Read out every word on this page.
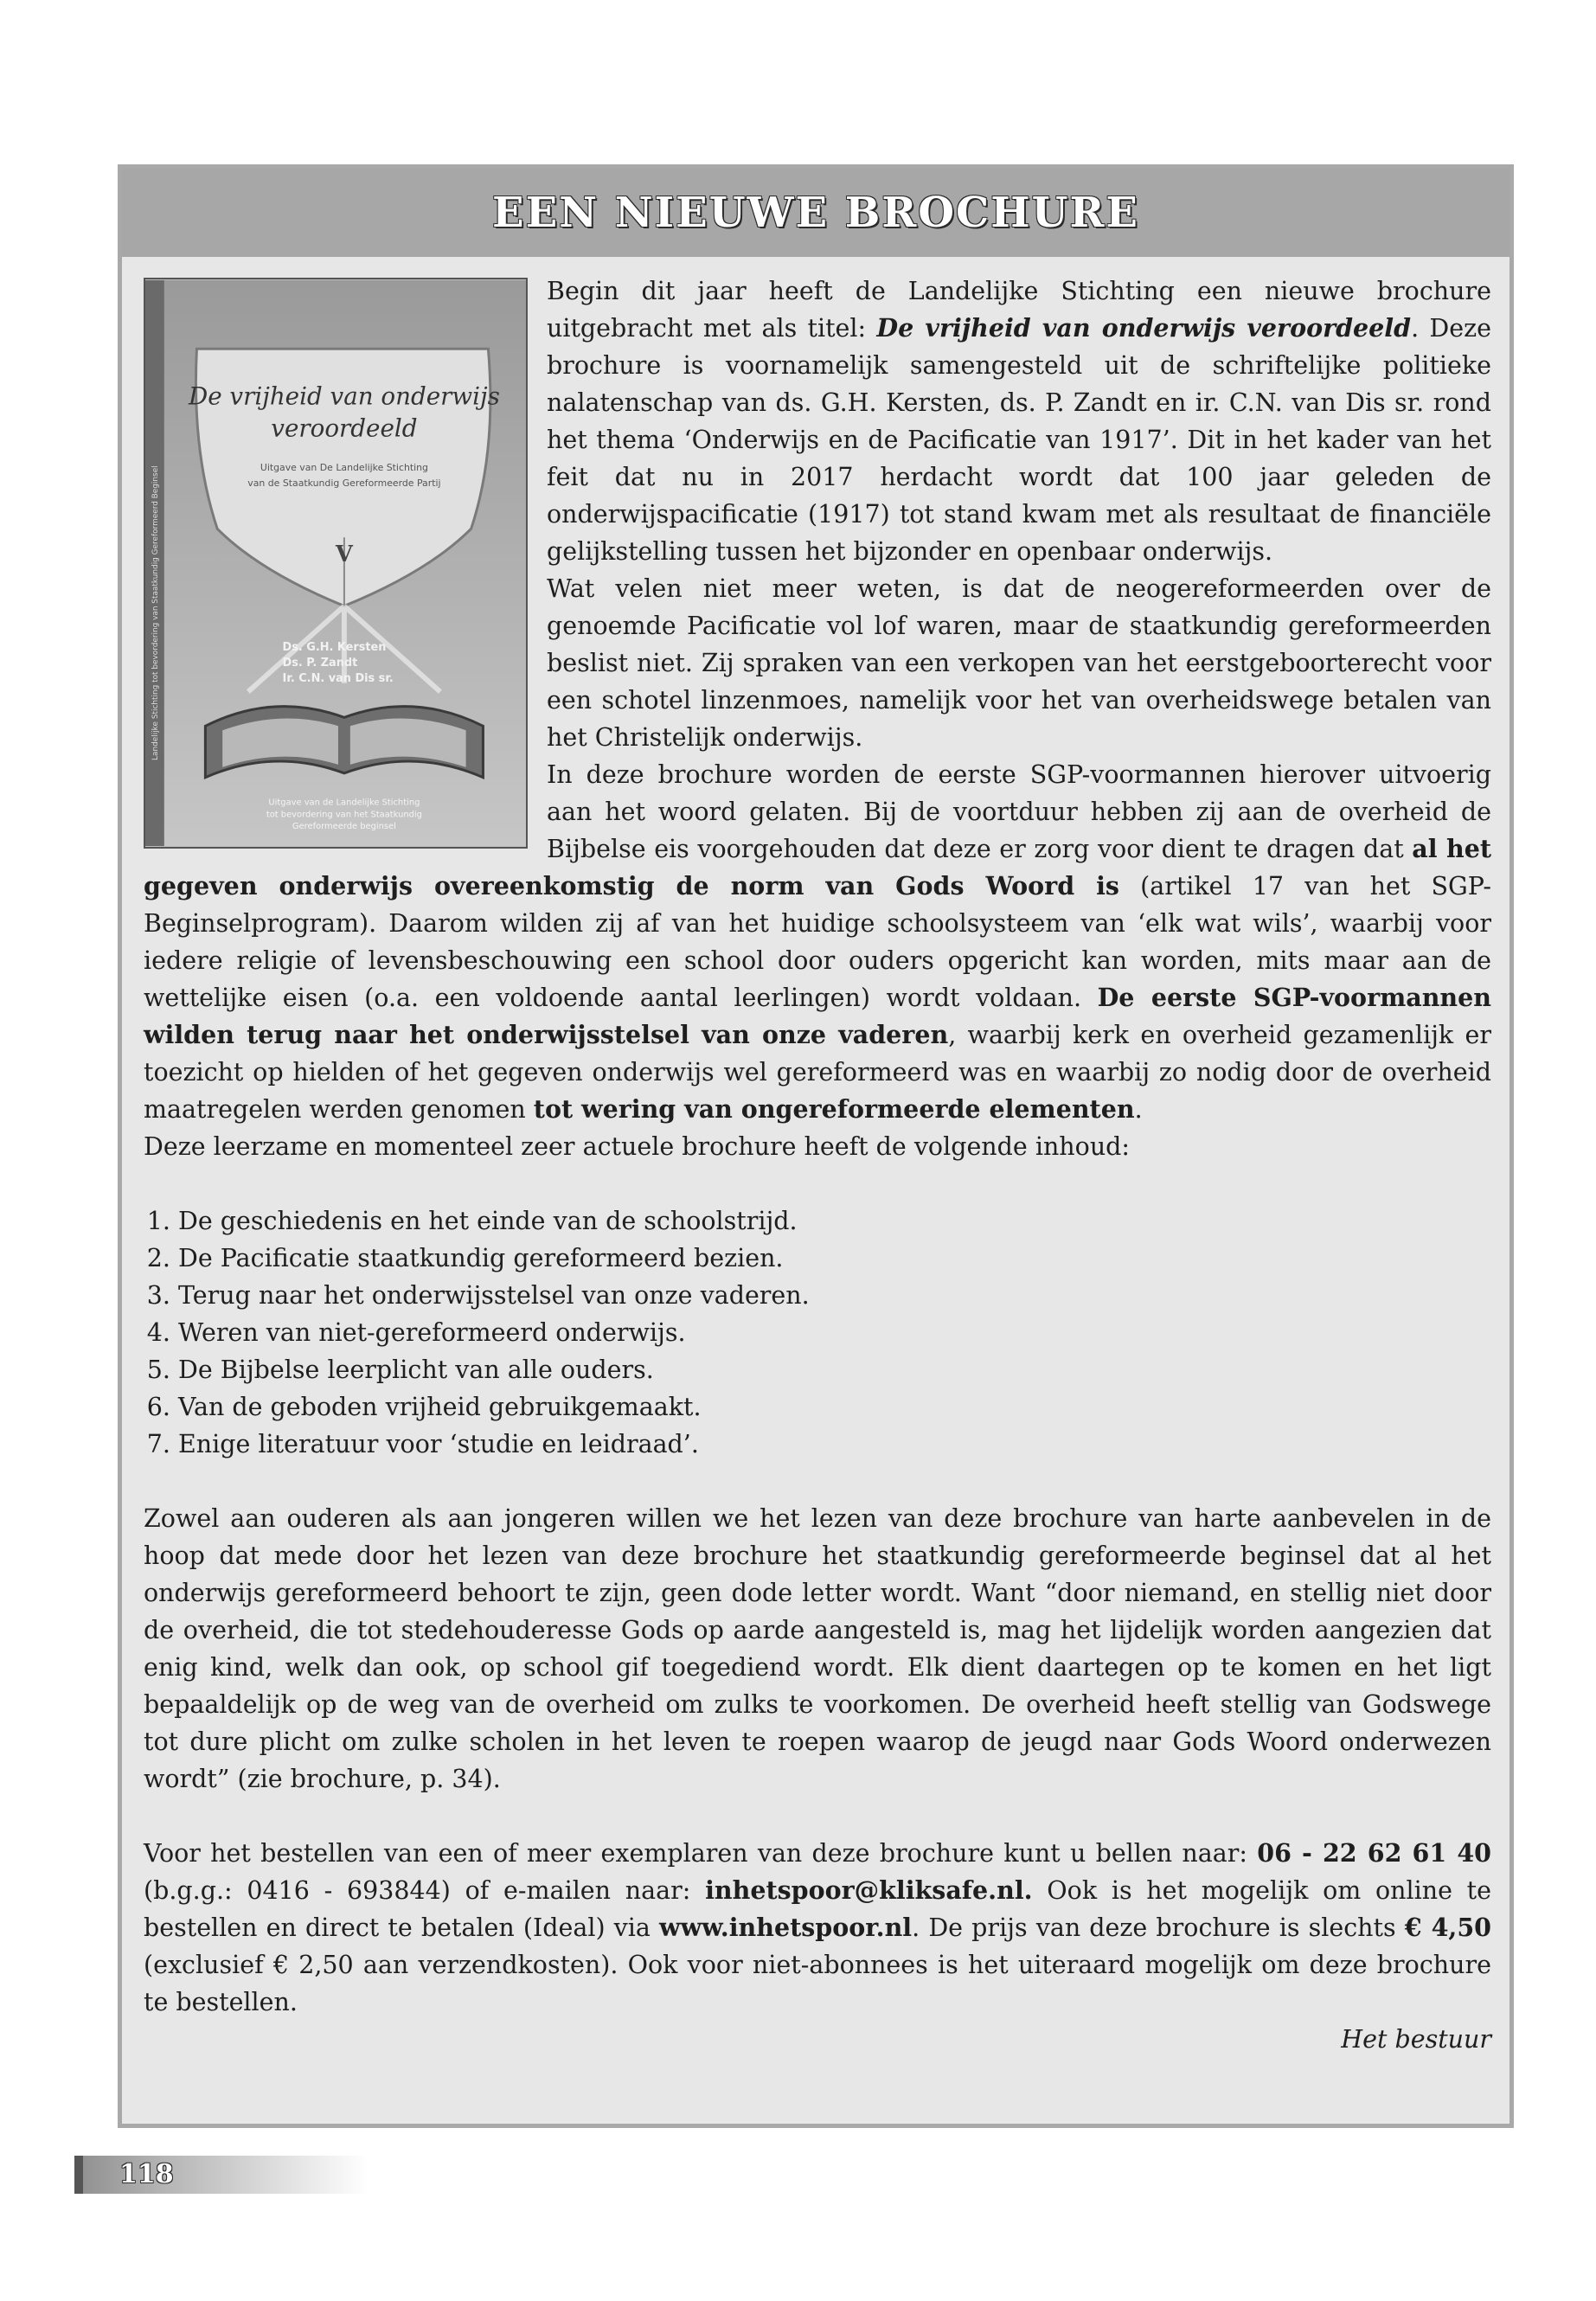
EEN NIEUWE BROCHURE
Landelijke Stichting tot bevordering van Staatkundig Gereformeerd Beginsel
De vrijheid van onderwijs
veroordeeld
Uitgave van De Landelijke Stichting
van de Staatkundig Gereformeerde Partij
V
Ds. G.H. Kersten
Ds. P. Zandt
Ir. C.N. van Dis sr.
Uitgave van de Landelijke Stichting
tot bevordering van het Staatkundig
Gereformeerde beginsel

Begin dit jaar heeft de Landelijke Stichting een nieuwe brochure uitgebracht met als titel: De vrijheid van onderwijs veroordeeld. Deze brochure is voornamelijk samengesteld uit de schriftelijke politieke nalatenschap van ds. G.H. Kersten, ds. P. Zandt en ir. C.N. van Dis sr. rond het thema ‘Onderwijs en de Pacificatie van 1917’. Dit in het kader van het feit dat nu in 2017 herdacht wordt dat 100 jaar geleden de onderwijspacificatie (1917) tot stand kwam met als resultaat de financiële gelijkstelling tussen het bijzonder en openbaar onderwijs.

Wat velen niet meer weten, is dat de neogereformeerden over de genoemde Pacificatie vol lof waren, maar de staatkundig gereformeerden beslist niet. Zij spraken van een verkopen van het eerstgeboorterecht voor een schotel linzenmoes, namelijk voor het van overheidswege betalen van het Christelijk onderwijs.

In deze brochure worden de eerste SGP-voormannen hierover uitvoerig aan het woord gelaten. Bij de voortduur hebben zij aan de overheid de Bijbelse eis voorgehouden dat deze er zorg voor dient te dragen dat al het gegeven onderwijs overeenkomstig de norm van Gods Woord is (artikel 17 van het SGP-Beginselprogram). Daarom wilden zij af van het huidige schoolsysteem van ‘elk wat wils’, waarbij voor iedere religie of levensbeschouwing een school door ouders opgericht kan worden, mits maar aan de wettelijke eisen (o.a. een voldoende aantal leerlingen) wordt voldaan. De eerste SGP-voormannen wilden terug naar het onderwijsstelsel van onze vaderen, waarbij kerk en overheid gezamenlijk er toezicht op hielden of het gegeven onderwijs wel gereformeerd was en waarbij zo nodig door de overheid maatregelen werden genomen tot wering van ongereformeerde elementen.

Deze leerzame en momenteel zeer actuele brochure heeft de volgende inhoud:

1. De geschiedenis en het einde van de schoolstrijd.
2. De Pacificatie staatkundig gereformeerd bezien.
3. Terug naar het onderwijsstelsel van onze vaderen.
4. Weren van niet-gereformeerd onderwijs.
5. De Bijbelse leerplicht van alle ouders.
6. Van de geboden vrijheid gebruikgemaakt.
7. Enige literatuur voor ‘studie en leidraad’.

Zowel aan ouderen als aan jongeren willen we het lezen van deze brochure van harte aanbevelen in de hoop dat mede door het lezen van deze brochure het staatkundig gereformeerde beginsel dat al het onderwijs gereformeerd behoort te zijn, geen dode letter wordt. Want “door niemand, en stellig niet door de overheid, die tot stedehouderesse Gods op aarde aangesteld is, mag het lijdelijk worden aangezien dat enig kind, welk dan ook, op school gif toegediend wordt. Elk dient daartegen op te komen en het ligt bepaaldelijk op de weg van de overheid om zulks te voorkomen. De overheid heeft stellig van Godswege tot dure plicht om zulke scholen in het leven te roepen waarop de jeugd naar Gods Woord onderwezen wordt” (zie brochure, p. 34).

Voor het bestellen van een of meer exemplaren van deze brochure kunt u bellen naar: 06 - 22 62 61 40 (b.g.g.: 0416 - 693844) of e-mailen naar: inhetspoor@kliksafe.nl. Ook is het mogelijk om online te bestellen en direct te betalen (Ideal) via www.inhetspoor.nl. De prijs van deze brochure is slechts € 4,50 (exclusief € 2,50 aan verzendkosten). Ook voor niet-abonnees is het uiteraard mogelijk om deze brochure te bestellen.

Het bestuur

118
